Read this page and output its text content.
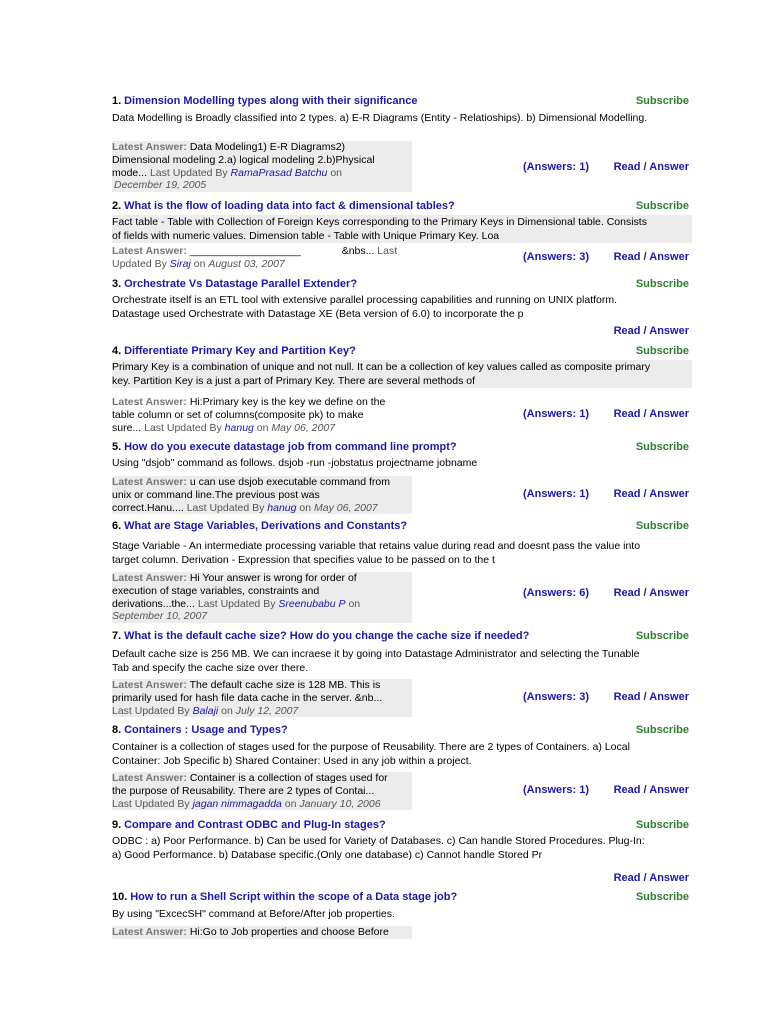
1. Dimension Modelling types along with their significance	Subscribe
Data Modelling is Broadly classified into 2 types. a) E-R Diagrams (Entity - Relatioships). b) Dimensional Modelling.
Latest Answer: Data Modeling1) E-R Diagrams2)
Dimensional modeling 2.a) logical modeling 2.b)Physical
mode... Last Updated By RamaPrasad Batchu on
December 19, 2005
(Answers: 1) Read / Answer
2. What is the flow of loading data into fact & dimensional tables?	Subscribe
Fact table - Table with Collection of Foreign Keys corresponding to the Primary Keys in Dimensional table. Consists
of fields with numeric values. Dimension table - Table with Unique Primary Key. Loa
Latest Answer: ___________________	&nbs... Last
Updated By Siraj on August 03, 2007
(Answers: 3) Read / Answer
3. Orchestrate Vs Datastage Parallel Extender?	Subscribe
Orchestrate itself is an ETL tool with extensive parallel processing capabilities and running on UNIX platform.
Datastage used Orchestrate with Datastage XE (Beta version of 6.0) to incorporate the p
Read / Answer
4. Differentiate Primary Key and Partition Key?	Subscribe
Primary Key is a combination of unique and not null. It can be a collection of key values called as composite primary
key. Partition Key is a just a part of Primary Key. There are several methods of
Latest Answer: Hi:Primary key is the key we define on the
table column or set of columns(composite pk) to make
sure... Last Updated By hanug on May 06, 2007
(Answers: 1) Read / Answer
5. How do you execute datastage job from command line prompt?	Subscribe
Using "dsjob" command as follows. dsjob -run -jobstatus projectname jobname
Latest Answer: u can use dsjob executable command from
unix or command line.The previous post was
correct.Hanu.... Last Updated By hanug on May 06, 2007
(Answers: 1) Read / Answer
6. What are Stage Variables, Derivations and Constants?	Subscribe
Stage Variable - An intermediate processing variable that retains value during read and doesnt pass the value into
target column. Derivation - Expression that specifies value to be passed on to the t
Latest Answer: Hi Your answer is wrong for order of
execution of stage variables, constraints and
derivations...the... Last Updated By Sreenubabu P on
September 10, 2007
(Answers: 6) Read / Answer
7. What is the default cache size? How do you change the cache size if needed?	Subscribe
Default cache size is 256 MB. We can incraese it by going into Datastage Administrator and selecting the Tunable
Tab and specify the cache size over there.
Latest Answer: The default cache size is 128 MB. This is
primarily used for hash file data cache in the server. &nb...
Last Updated By Balaji on July 12, 2007
(Answers: 3) Read / Answer
8. Containers : Usage and Types?	Subscribe
Container is a collection of stages used for the purpose of Reusability. There are 2 types of Containers. a) Local
Container: Job Specific b) Shared Container: Used in any job within a project.
Latest Answer: Container is a collection of stages used for
the purpose of Reusability. There are 2 types of Contai...
Last Updated By jagan nimmagadda on January 10, 2006
(Answers: 1) Read / Answer
9. Compare and Contrast ODBC and Plug-In stages?	Subscribe
ODBC : a) Poor Performance. b) Can be used for Variety of Databases. c) Can handle Stored Procedures. Plug-In:
a) Good Performance. b) Database specific.(Only one database) c) Cannot handle Stored Pr
Read / Answer
10. How to run a Shell Script within the scope of a Data stage job?	Subscribe
By using "ExcecSH" command at Before/After job properties.
Latest Answer: Hi:Go to Job properties and choose Before
